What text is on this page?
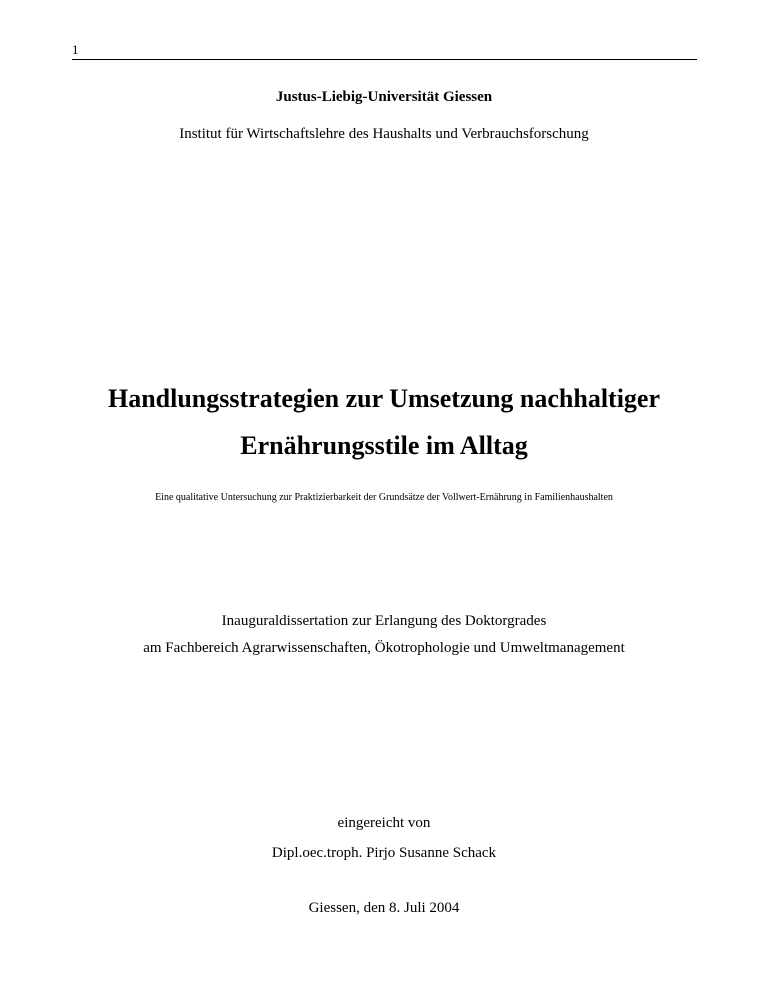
1
Justus-Liebig-Universität Giessen
Institut für Wirtschaftslehre des Haushalts und Verbrauchsforschung
Handlungsstrategien zur Umsetzung nachhaltiger
Ernährungsstile im Alltag
Eine qualitative Untersuchung zur Praktizierbarkeit der Grundsätze der Vollwert-Ernährung in Familienhaushalten
Inauguraldissertation zur Erlangung des Doktorgrades
am Fachbereich Agrarwissenschaften, Ökotrophologie und Umweltmanagement
eingereicht von
Dipl.oec.troph. Pirjo Susanne Schack
Giessen, den 8. Juli 2004
